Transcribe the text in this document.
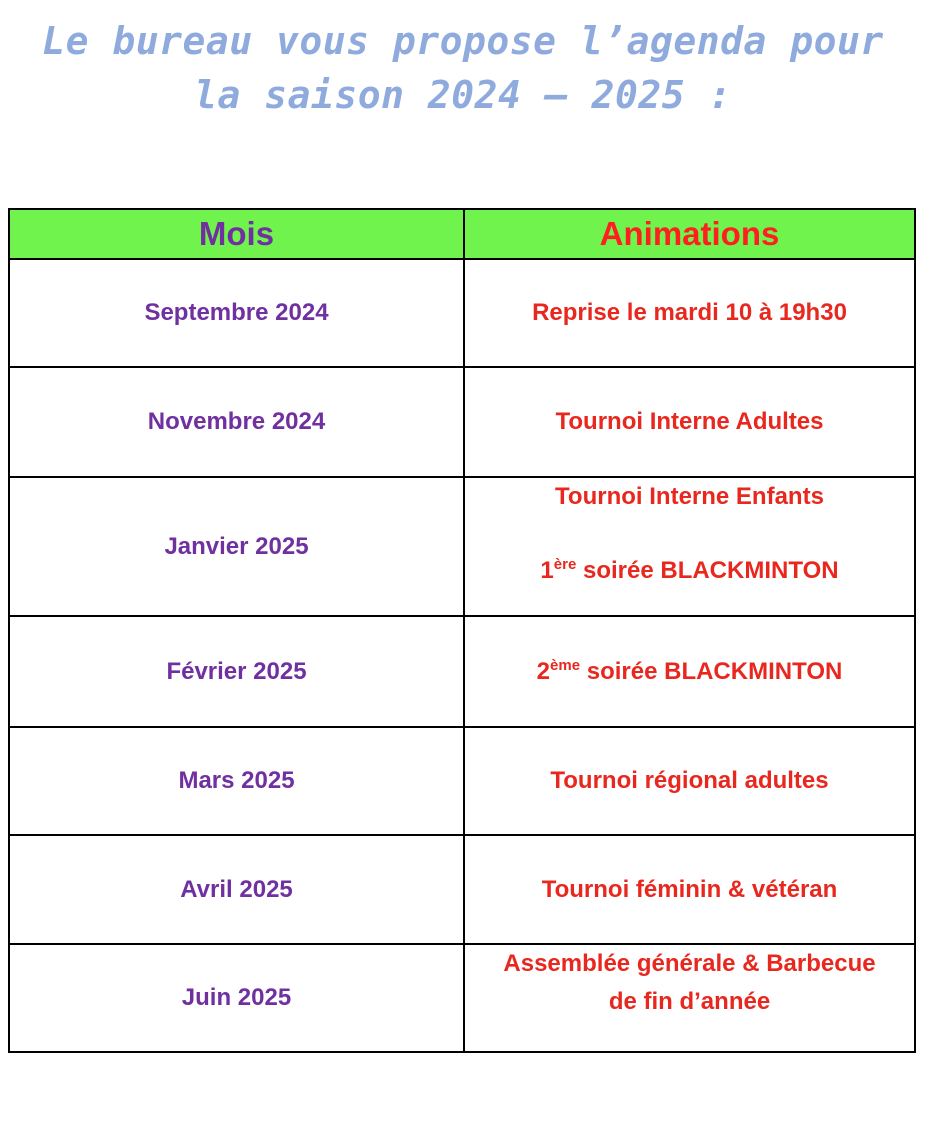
Le bureau vous propose l’agenda pour
la saison 2024 – 2025 :
Mois	Animations
Septembre 2024	Reprise le mardi 10 à 19h30
Novembre 2024	Tournoi Interne Adultes
Janvier 2025	Tournoi Interne Enfants
1ère soirée BLACKMINTON

Février 2025	2ème soirée BLACKMINTON
Mars 2025	Tournoi régional adultes
Avril 2025	Tournoi féminin & vétéran
Juin 2025	Assemblée générale & Barbecue
de fin d’année
